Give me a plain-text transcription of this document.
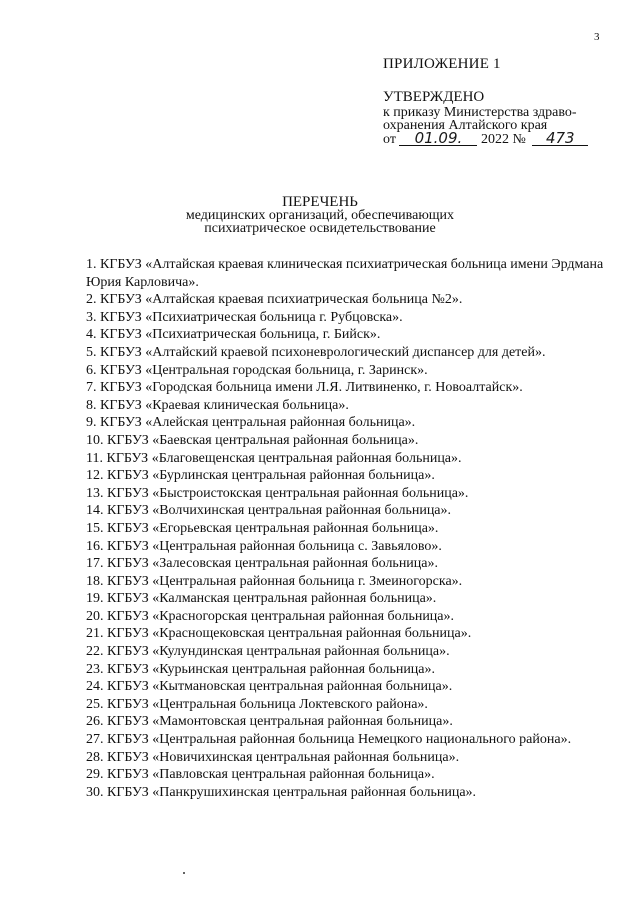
3
ПРИЛОЖЕНИЕ 1
УТВЕРЖДЕНО
к приказу Министерства здраво-
охранения Алтайского края
от 01.09. 2022 № 473
ПЕРЕЧЕНЬ
медицинских организаций, обеспечивающих
психиатрическое освидетельствование
1. КГБУЗ «Алтайская краевая клиническая психиатрическая больница имени Эрдмана Юрия Карловича».
2. КГБУЗ «Алтайская краевая психиатрическая больница №2».
3. КГБУЗ «Психиатрическая больница г. Рубцовска».
4. КГБУЗ «Психиатрическая больница, г. Бийск».
5. КГБУЗ «Алтайский краевой психоневрологический диспансер для детей».
6. КГБУЗ «Центральная городская больница, г. Заринск».
7. КГБУЗ «Городская больница имени Л.Я. Литвиненко, г. Новоалтайск».
8. КГБУЗ «Краевая клиническая больница».
9. КГБУЗ «Алейская центральная районная больница».
10. КГБУЗ «Баевская центральная районная больница».
11. КГБУЗ «Благовещенская центральная районная больница».
12. КГБУЗ «Бурлинская центральная районная больница».
13. КГБУЗ «Быстроистокская центральная районная больница».
14. КГБУЗ «Волчихинская центральная районная больница».
15. КГБУЗ «Егорьевская центральная районная больница».
16. КГБУЗ «Центральная районная больница с. Завьялово».
17. КГБУЗ «Залесовская центральная районная больница».
18. КГБУЗ «Центральная районная больница г. Змеиногорска».
19. КГБУЗ «Калманская центральная районная больница».
20. КГБУЗ «Красногорская центральная районная больница».
21. КГБУЗ «Краснощековская центральная районная больница».
22. КГБУЗ «Кулундинская центральная районная больница».
23. КГБУЗ «Курьинская центральная районная больница».
24. КГБУЗ «Кытмановская центральная районная больница».
25. КГБУЗ «Центральная больница Локтевского района».
26. КГБУЗ «Мамонтовская центральная районная больница».
27. КГБУЗ «Центральная районная больница Немецкого национального района».
28. КГБУЗ «Новичихинская центральная районная больница».
29. КГБУЗ «Павловская центральная районная больница».
30. КГБУЗ «Панкрушихинская центральная районная больница».
